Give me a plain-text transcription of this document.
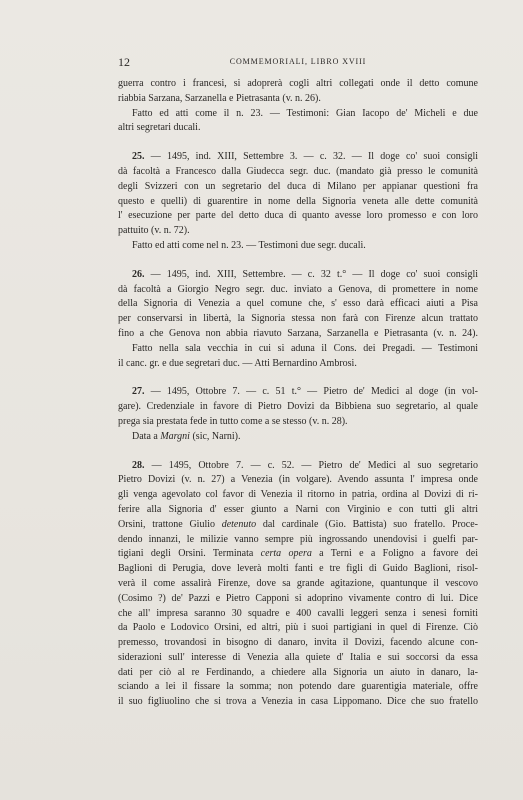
12	COMMEMORIALI, LIBRO XVIII
guerra contro i francesi, si adoprerà cogli altri collegati onde il detto comune
riabbia Sarzana, Sarzanella e Pietrasanta (v. n. 26).
Fatto ed atti come il n. 23. — Testimoni: Gian Iacopo de' Micheli e due
altri segretari ducali.
25. — 1495, ind. XIII, Settembre 3. — c. 32. — Il doge co' suoi consigli
dà facoltà a Francesco dalla Giudecca segr. duc. (mandato già presso le comunità
degli Svizzeri con un segretario del duca di Milano per appianar questioni fra
questo e quelli) di guarentire in nome della Signoria veneta alle dette comunità
l' esecuzione per parte del detto duca di quanto avesse loro promesso e con loro
pattuito (v. n. 72).
Fatto ed atti come nel n. 23. — Testimoni due segr. ducali.
26. — 1495, ind. XIII, Settembre. — c. 32 t.° — Il doge co' suoi consigli
dà facoltà a Giorgio Negro segr. duc. inviato a Genova, di promettere in nome
della Signoria di Venezia a quel comune che, s' esso darà efficaci aiuti a Pisa
per conservarsi in libertà, la Signoria stessa non farà con Firenze alcun trattato
fino a che Genova non abbia riavuto Sarzana, Sarzanella e Pietrasanta (v. n. 24).
Fatto nella sala vecchia in cui si aduna il Cons. dei Pregadi. — Testimoni
il canc. gr. e due segretari duc. — Atti Bernardino Ambrosi.
27. — 1495, Ottobre 7. — c. 51 t.° — Pietro de' Medici al doge (in vol-
gare). Credenziale in favore di Pietro Dovizi da Bibbiena suo segretario, al quale
prega sia prestata fede in tutto come a se stesso (v. n. 28).
Data a Margni (sic, Narni).
28. — 1495, Ottobre 7. — c. 52. — Pietro de' Medici al suo segretario
Pietro Dovizi (v. n. 27) a Venezia (in volgare). Avendo assunta l' impresa onde
gli venga agevolato col favor di Venezia il ritorno in patria, ordina al Dovizi di ri-
ferire alla Signoria d' esser giunto a Narni con Virginio e con tutti gli altri
Orsini, trattone Giulio detenuto dal cardinale (Gio. Battista) suo fratello. Proce-
dendo innanzi, le milizie vanno sempre più ingrossando unendovisi i guelfi par-
tigiani degli Orsini. Terminata certa opera a Terni e a Foligno a favore dei
Baglioni di Perugia, dove leverà molti fanti e tre figli di Guido Baglioni, risol-
verà il come assalirà Firenze, dove sa grande agitazione, quantunque il vescovo
(Cosimo ?) de' Pazzi e Pietro Capponi si adoprino vivamente contro di lui. Dice
che all' impresa saranno 30 squadre e 400 cavalli leggeri senza i senesi forniti
da Paolo e Lodovico Orsini, ed altri, più i suoi partigiani in quel di Firenze. Ciò
premesso, trovandosi in bisogno di danaro, invita il Dovizi, facendo alcune con-
siderazioni sull' interesse di Venezia alla quiete d' Italia e sui soccorsi da essa
dati per ciò al re Ferdinando, a chiedere alla Signoria un aiuto in danaro, la-
sciando a lei il fissare la somma; non potendo dare guarentigia materiale, offre
il suo figliuolino che si trova a Venezia in casa Lippomano. Dice che suo fratello
